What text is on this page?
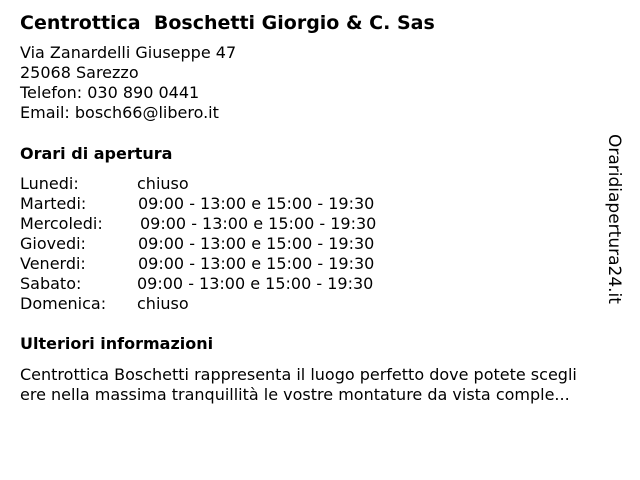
Centrottica  Boschetti Giorgio & C. Sas
Via Zanardelli Giuseppe 47
25068 Sarezzo
Telefon: 030 890 0441
Email: bosch66@libero.it
Orari di apertura
Lunedi:	chiuso
Martedi:	09:00 - 13:00 e 15:00 - 19:30
Mercoledi: 09:00 - 13:00 e 15:00 - 19:30
Giovedi:	09:00 - 13:00 e 15:00 - 19:30
Venerdi:	09:00 - 13:00 e 15:00 - 19:30
Sabato:	09:00 - 13:00 e 15:00 - 19:30
Domenica: chiuso
Ulteriori informazioni
Centrottica Boschetti rappresenta il luogo perfetto dove potete scegli
ere nella massima tranquillità le vostre montature da vista comple...
Oraridiapertura24.it
